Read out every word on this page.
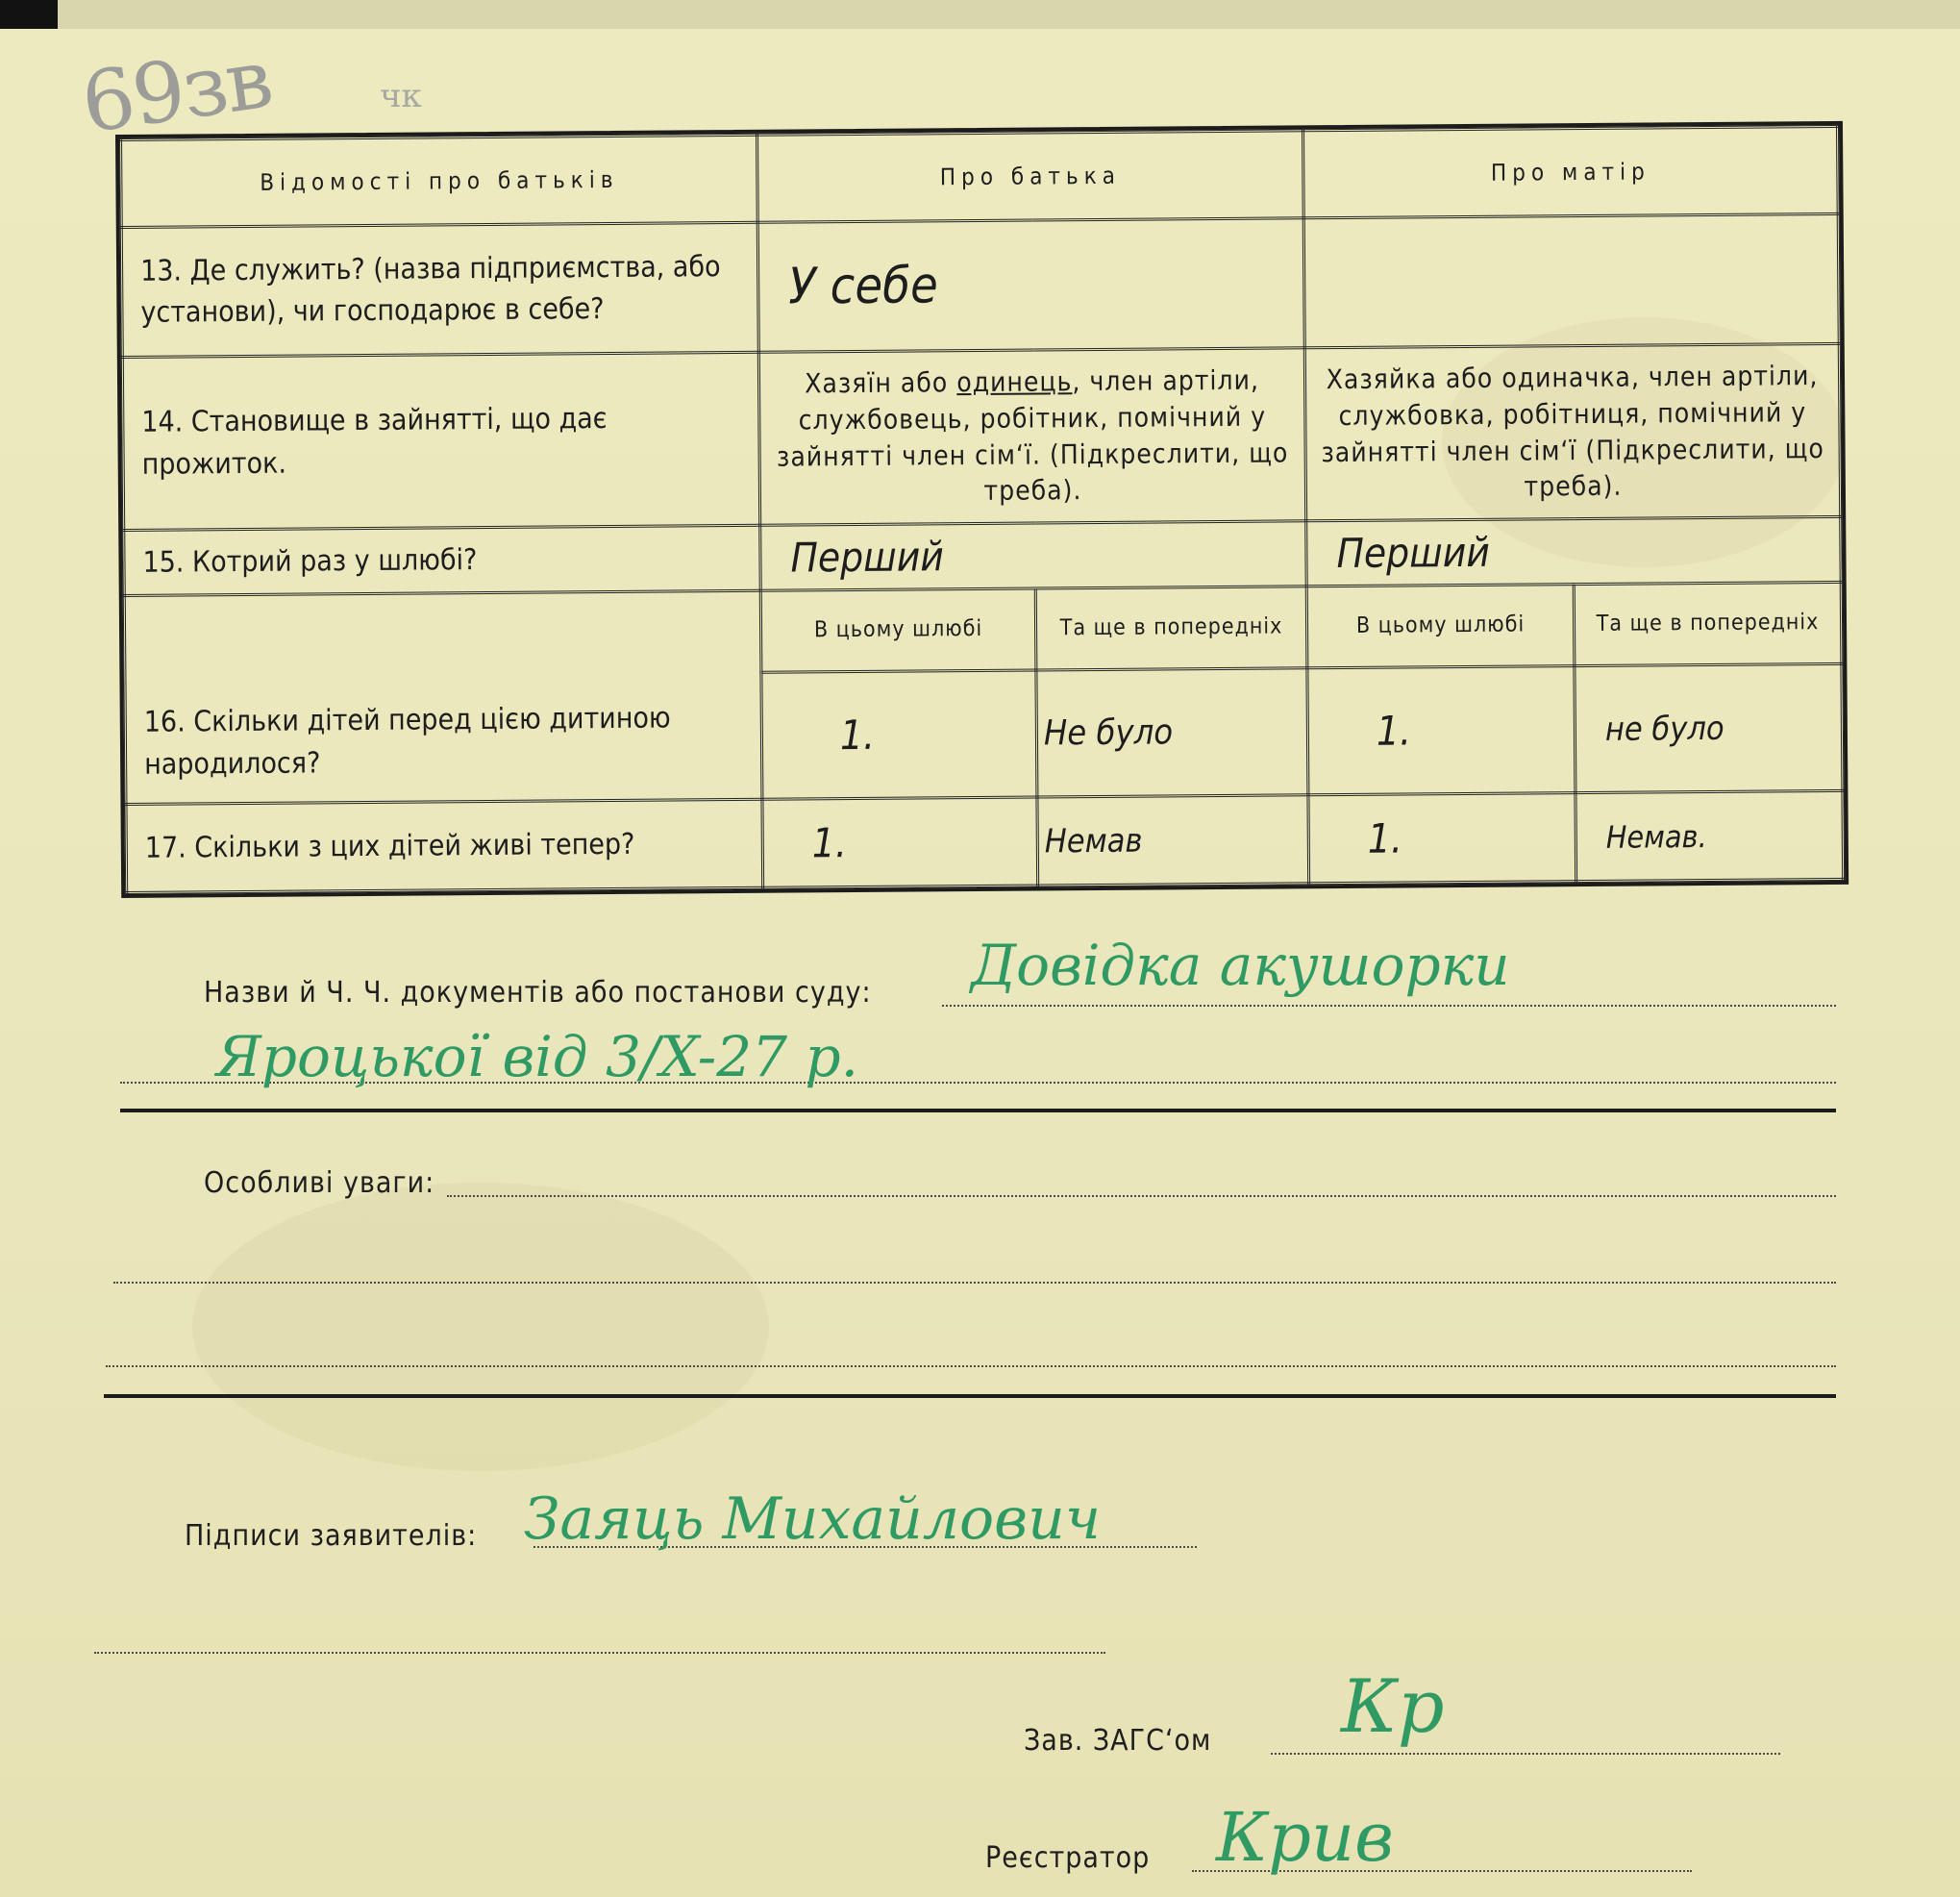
69зв	чк
Відомості про батьків	Про батька		Про матір	
13. Де служить? (назва підприємства, або установи), чи господарює в себе?	У себе			
14. Становище в зайнятті, що дає прожиток.	Хазяїн або одинець, член артіли, службовець, робітник, помічний у зайнятті член сім‘ї. (Підкреслити, що треба).		Хазяйка або одиначка, член артіли, службовка, робітниця, помічний у зайнятті член сім‘ї (Підкреслити, що треба).	
15. Котрий раз у шлюбі?	Перший		Перший	
16. Скільки дітей перед цією дитиною народилося?	В цьому шлюбі	Та ще в попередніх	В цьому шлюбі	Та ще в попередніх
	1.	Не було	1.	не було
17. Скільки з цих дітей живі тепер?	1.	Немав	1.	Немав.
Назви й Ч. Ч. документів або постанови суду: Довідка акушорки
Яроцької від 3/X-27 р.
Особливі уваги:
Підписи заявителів: Заяць Михайлович
Зав. ЗАГС‘ом Кр
Реєстратор Крив
